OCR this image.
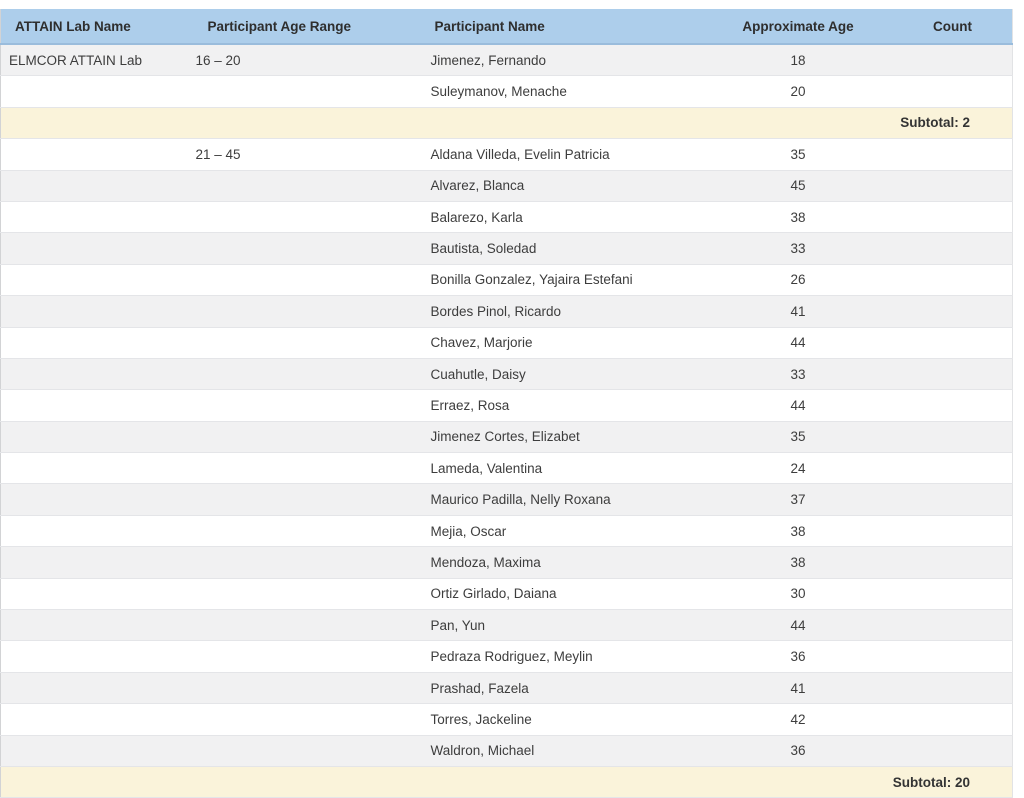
ATTAIN Lab Name	Participant Age Range	Participant Name	Approximate Age	Count
ELMCOR ATTAIN Lab	16 – 20	Jimenez, Fernando	18	
		Suleymanov, Menache	20	
				Subtotal: 2
	21 – 45	Aldana Villeda, Evelin Patricia	35	
		Alvarez, Blanca	45	
		Balarezo, Karla	38	
		Bautista, Soledad	33	
		Bonilla Gonzalez, Yajaira Estefani	26	
		Bordes Pinol, Ricardo	41	
		Chavez, Marjorie	44	
		Cuahutle, Daisy	33	
		Erraez, Rosa	44	
		Jimenez Cortes, Elizabet	35	
		Lameda, Valentina	24	
		Maurico Padilla, Nelly Roxana	37	
		Mejia, Oscar	38	
		Mendoza, Maxima	38	
		Ortiz Girlado, Daiana	30	
		Pan, Yun	44	
		Pedraza Rodriguez, Meylin	36	
		Prashad, Fazela	41	
		Torres, Jackeline	42	
		Waldron, Michael	36	
				Subtotal: 20
